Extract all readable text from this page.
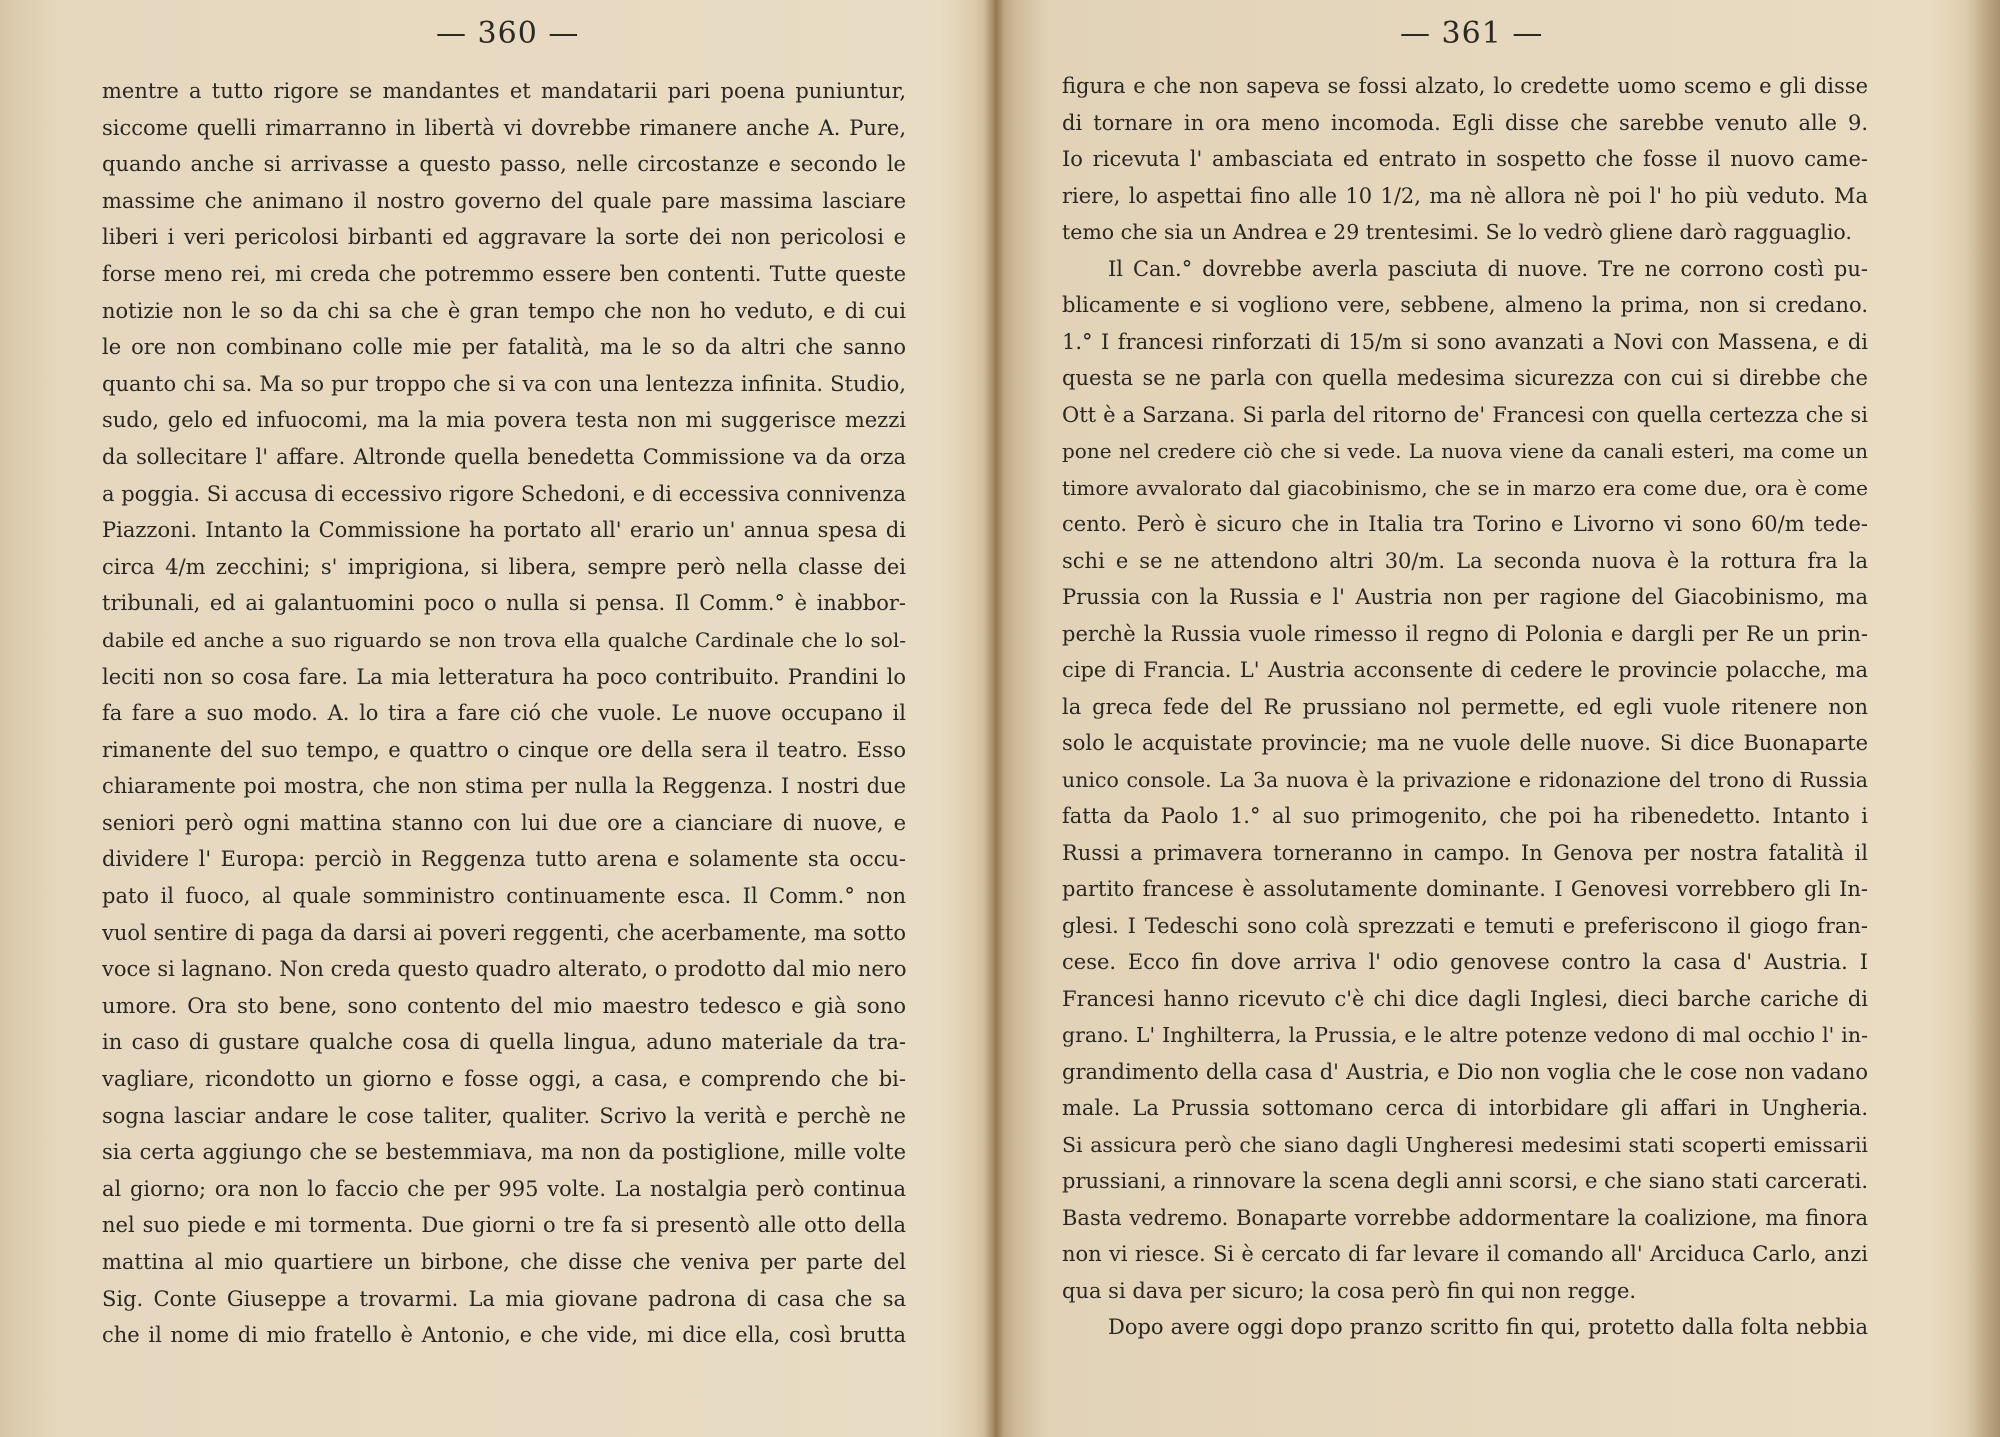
— 360 —
mentre a tutto rigore se mandantes et mandatarii pari poena puniuntur,
siccome quelli rimarranno in libertà vi dovrebbe rimanere anche A. Pure,
quando anche si arrivasse a questo passo, nelle circostanze e secondo le
massime che animano il nostro governo del quale pare massima lasciare
liberi i veri pericolosi birbanti ed aggravare la sorte dei non pericolosi e
forse meno rei, mi creda che potremmo essere ben contenti. Tutte queste
notizie non le so da chi sa che è gran tempo che non ho veduto, e di cui
le ore non combinano colle mie per fatalità, ma le so da altri che sanno
quanto chi sa. Ma so pur troppo che si va con una lentezza infinita. Studio,
sudo, gelo ed infuocomi, ma la mia povera testa non mi suggerisce mezzi
da sollecitare l' affare. Altronde quella benedetta Commissione va da orza
a poggia. Si accusa di eccessivo rigore Schedoni, e di eccessiva connivenza
Piazzoni. Intanto la Commissione ha portato all' erario un' annua spesa di
circa 4/m zecchini; s' imprigiona, si libera, sempre però nella classe dei
tribunali, ed ai galantuomini poco o nulla si pensa. Il Comm.° è inabbor-
dabile ed anche a suo riguardo se non trova ella qualche Cardinale che lo sol-
leciti non so cosa fare. La mia letteratura ha poco contribuito. Prandini lo
fa fare a suo modo. A. lo tira a fare ció che vuole. Le nuove occupano il
rimanente del suo tempo, e quattro o cinque ore della sera il teatro. Esso
chiaramente poi mostra, che non stima per nulla la Reggenza. I nostri due
seniori però ogni mattina stanno con lui due ore a cianciare di nuove, e
dividere l' Europa: perciò in Reggenza tutto arena e solamente sta occu-
pato il fuoco, al quale somministro continuamente esca. Il Comm.° non
vuol sentire di paga da darsi ai poveri reggenti, che acerbamente, ma sotto
voce si lagnano. Non creda questo quadro alterato, o prodotto dal mio nero
umore. Ora sto bene, sono contento del mio maestro tedesco e già sono
in caso di gustare qualche cosa di quella lingua, aduno materiale da tra-
vagliare, ricondotto un giorno e fosse oggi, a casa, e comprendo che bi-
sogna lasciar andare le cose taliter, qualiter. Scrivo la verità e perchè ne
sia certa aggiungo che se bestemmiava, ma non da postiglione, mille volte
al giorno; ora non lo faccio che per 995 volte. La nostalgia però continua
nel suo piede e mi tormenta. Due giorni o tre fa si presentò alle otto della
mattina al mio quartiere un birbone, che disse che veniva per parte del
Sig. Conte Giuseppe a trovarmi. La mia giovane padrona di casa che sa
che il nome di mio fratello è Antonio, e che vide, mi dice ella, così brutta
— 361 —
figura e che non sapeva se fossi alzato, lo credette uomo scemo e gli disse
di tornare in ora meno incomoda. Egli disse che sarebbe venuto alle 9.
Io ricevuta l' ambasciata ed entrato in sospetto che fosse il nuovo came-
riere, lo aspettai fino alle 10 1/2, ma nè allora nè poi l' ho più veduto. Ma
temo che sia un Andrea e 29 trentesimi. Se lo vedrò gliene darò ragguaglio.
Il Can.° dovrebbe averla pasciuta di nuove. Tre ne corrono costì pu-
blicamente e si vogliono vere, sebbene, almeno la prima, non si credano.
1.° I francesi rinforzati di 15/m si sono avanzati a Novi con Massena, e di
questa se ne parla con quella medesima sicurezza con cui si direbbe che
Ott è a Sarzana. Si parla del ritorno de' Francesi con quella certezza che si
pone nel credere ciò che si vede. La nuova viene da canali esteri, ma come un
timore avvalorato dal giacobinismo, che se in marzo era come due, ora è come
cento. Però è sicuro che in Italia tra Torino e Livorno vi sono 60/m tede-
schi e se ne attendono altri 30/m. La seconda nuova è la rottura fra la
Prussia con la Russia e l' Austria non per ragione del Giacobinismo, ma
perchè la Russia vuole rimesso il regno di Polonia e dargli per Re un prin-
cipe di Francia. L' Austria acconsente di cedere le provincie polacche, ma
la greca fede del Re prussiano nol permette, ed egli vuole ritenere non
solo le acquistate provincie; ma ne vuole delle nuove. Si dice Buonaparte
unico console. La 3a nuova è la privazione e ridonazione del trono di Russia
fatta da Paolo 1.° al suo primogenito, che poi ha ribenedetto. Intanto i
Russi a primavera torneranno in campo. In Genova per nostra fatalità il
partito francese è assolutamente dominante. I Genovesi vorrebbero gli In-
glesi. I Tedeschi sono colà sprezzati e temuti e preferiscono il giogo fran-
cese. Ecco fin dove arriva l' odio genovese contro la casa d' Austria. I
Francesi hanno ricevuto c'è chi dice dagli Inglesi, dieci barche cariche di
grano. L' Inghilterra, la Prussia, e le altre potenze vedono di mal occhio l' in-
grandimento della casa d' Austria, e Dio non voglia che le cose non vadano
male. La Prussia sottomano cerca di intorbidare gli affari in Ungheria.
Si assicura però che siano dagli Ungheresi medesimi stati scoperti emissarii
prussiani, a rinnovare la scena degli anni scorsi, e che siano stati carcerati.
Basta vedremo. Bonaparte vorrebbe addormentare la coalizione, ma finora
non vi riesce. Si è cercato di far levare il comando all' Arciduca Carlo, anzi
qua si dava per sicuro; la cosa però fin qui non regge.
Dopo avere oggi dopo pranzo scritto fin qui, protetto dalla folta nebbia
